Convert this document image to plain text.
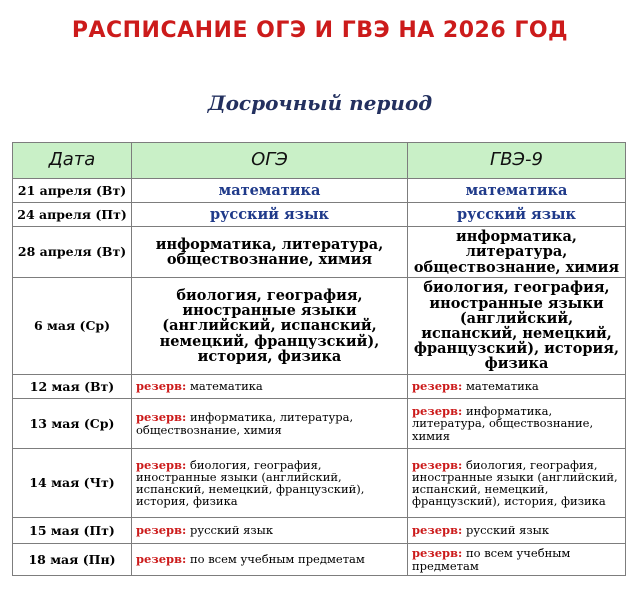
РАСПИСАНИЕ ОГЭ И ГВЭ НА 2026 ГОД
Досрочный период
Дата	ОГЭ	ГВЭ-9
21 апреля (Вт)	математика	математика
24 апреля (Пт)	русский язык	русский язык
28 апреля (Вт)	информатика, литература, обществознание, химия	информатика, литература, обществознание, химия
6 мая (Ср)	биология, география, иностранные языки (английский, испанский, немецкий, французский), история, физика	биология, география, иностранные языки (английский, испанский, немецкий, французский), история, физика
12 мая (Вт)	резерв: математика	резерв: математика
13 мая (Ср)	резерв: информатика, литература, обществознание, химия	резерв: информатика, литература, обществознание, химия
14 мая (Чт)	резерв: биология, география, иностранные языки (английский, испанский, немецкий, французский), история, физика	резерв: биология, география, иностранные языки (английский, испанский, немецкий, французский), история, физика
15 мая (Пт)	резерв: русский язык	резерв: русский язык
18 мая (Пн)	резерв: по всем учебным предметам	резерв: по всем учебным предметам
